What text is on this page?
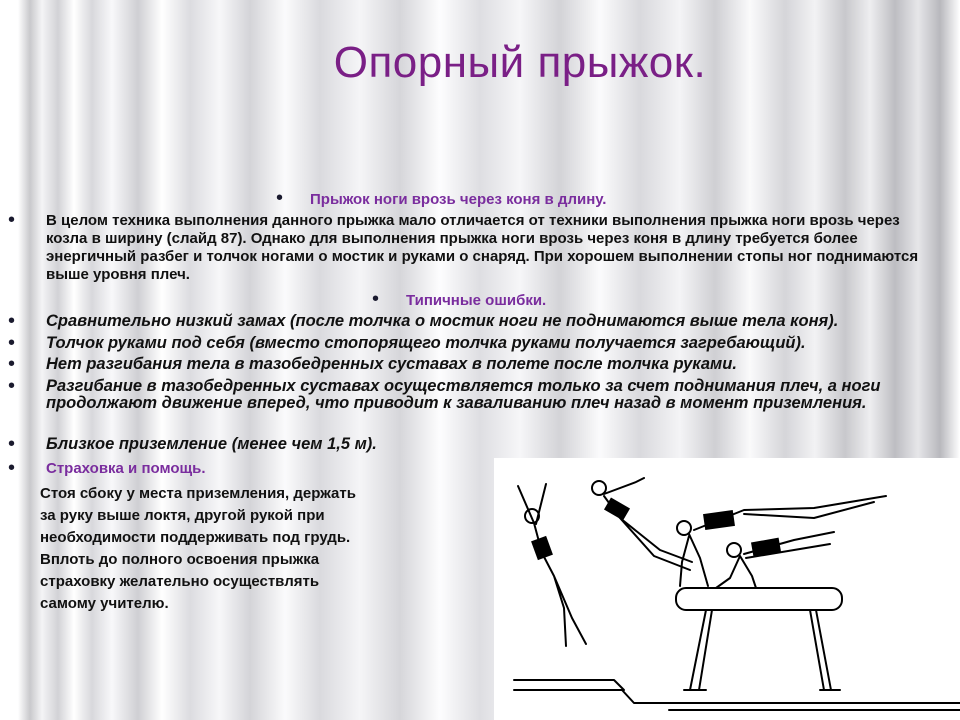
Опорный прыжок.
• Прыжок ноги врозь через коня в длину.
• В целом техника выполнения данного прыжка мало отличается от техники выполнения прыжка ноги врозь через козла в ширину (слайд 87). Однако для выполнения прыжка ноги врозь через коня в длину требуется более энергичный разбег и толчок ногами о мостик и руками о снаряд. При хорошем выполнении стопы ног поднимаются выше уровня плеч.
• Типичные ошибки.
• Сравнительно низкий замах (после толчка о мостик ноги не поднимаются выше тела коня).
• Толчок руками под себя (вместо стопорящего толчка руками получается загребающий).
• Нет разгибания тела в тазобедренных суставах в полете после толчка руками.
• Разгибание в тазобедренных суставах осуществляется только за счет поднимания плеч, а ноги продолжают движение вперед, что приводит к заваливанию плеч назад в момент приземления.
• Близкое приземление (менее чем 1,5 м).
• Страховка и помощь.
Стоя сбоку у места приземления, держать
за руку выше локтя, другой рукой при
необходимости поддерживать под грудь.
Вплоть до полного освоения прыжка
страховку желательно осуществлять
самому учителю.
